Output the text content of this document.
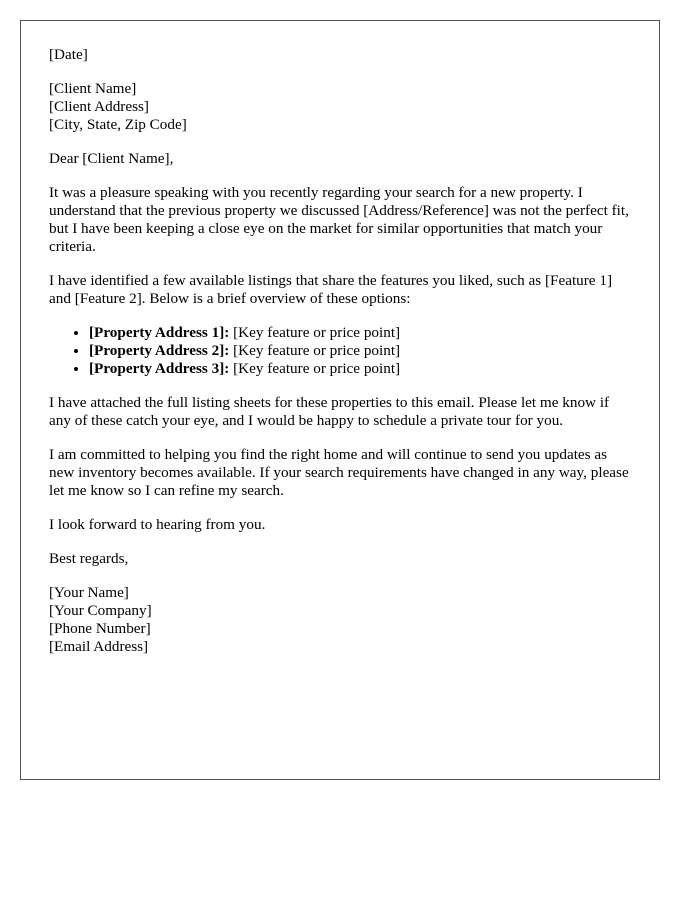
[Date]

[Client Name]
[Client Address]
[City, State, Zip Code]

Dear [Client Name],

It was a pleasure speaking with you recently regarding your search for a new property. I understand that the previous property we discussed [Address/Reference] was not the perfect fit, but I have been keeping a close eye on the market for similar opportunities that match your criteria.

I have identified a few available listings that share the features you liked, such as [Feature 1] and [Feature 2]. Below is a brief overview of these options:

• [Property Address 1]: [Key feature or price point]
• [Property Address 2]: [Key feature or price point]
• [Property Address 3]: [Key feature or price point]

I have attached the full listing sheets for these properties to this email. Please let me know if any of these catch your eye, and I would be happy to schedule a private tour for you.

I am committed to helping you find the right home and will continue to send you updates as new inventory becomes available. If your search requirements have changed in any way, please let me know so I can refine my search.

I look forward to hearing from you.

Best regards,

[Your Name]
[Your Company]
[Phone Number]
[Email Address]
